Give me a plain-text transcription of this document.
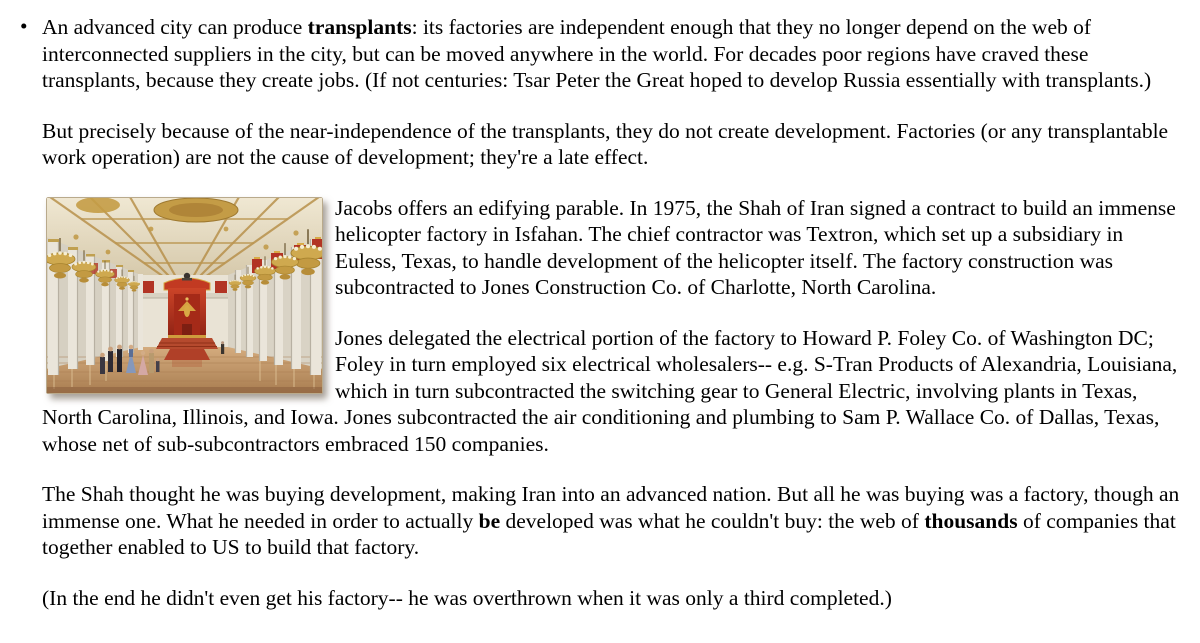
• An advanced city can produce transplants: its factories are independent enough that they no longer depend on the web of interconnected suppliers in the city, but can be moved anywhere in the world. For decades poor regions have craved these transplants, because they create jobs. (If not centuries: Tsar Peter the Great hoped to develop Russia essentially with transplants.)

But precisely because of the near-independence of the transplants, they do not create development. Factories (or any transplantable work operation) are not the cause of development; they're a late effect.

Jacobs offers an edifying parable. In 1975, the Shah of Iran signed a contract to build an immense helicopter factory in Isfahan. The chief contractor was Textron, which set up a subsidiary in Euless, Texas, to handle development of the helicopter itself. The factory construction was subcontracted to Jones Construction Co. of Charlotte, North Carolina.

Jones delegated the electrical portion of the factory to Howard P. Foley Co. of Washington DC; Foley in turn employed six electrical wholesalers-- e.g. S-Tran Products of Alexandria, Louisiana, which in turn subcontracted the switching gear to General Electric, involving plants in Texas, North Carolina, Illinois, and Iowa. Jones subcontracted the air conditioning and plumbing to Sam P. Wallace Co. of Dallas, Texas, whose net of sub-subcontractors embraced 150 companies.

The Shah thought he was buying development, making Iran into an advanced nation. But all he was buying was a factory, though an immense one. What he needed in order to actually be developed was what he couldn't buy: the web of thousands of companies that together enabled to US to build that factory.

(In the end he didn't even get his factory-- he was overthrown when it was only a third completed.)
